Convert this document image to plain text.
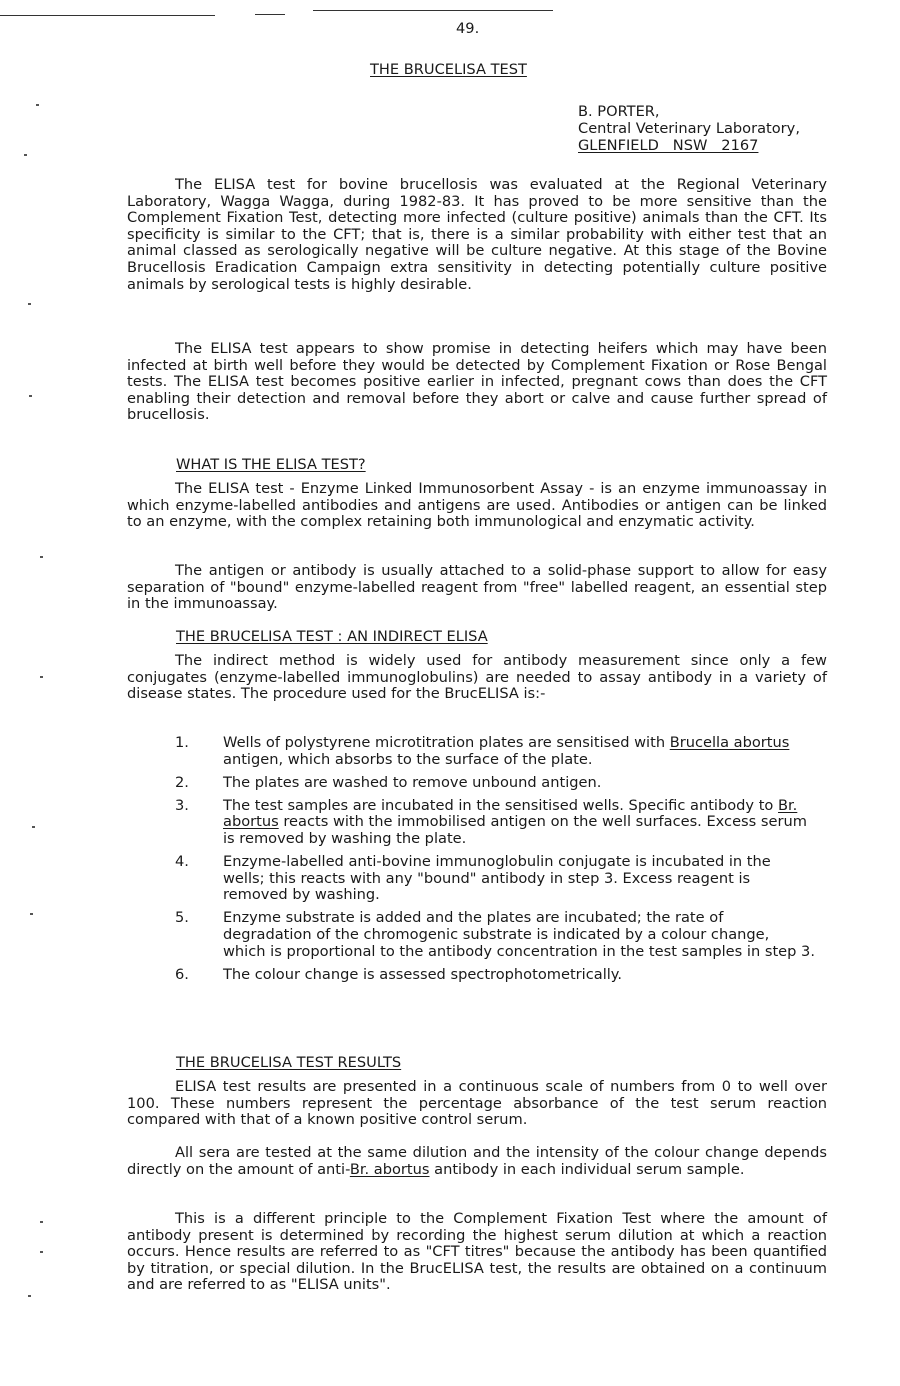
49.
THE BRUCELISA TEST
B. PORTER,
Central Veterinary Laboratory,
GLENFIELD   NSW   2167

The ELISA test for bovine brucellosis was evaluated at the Regional Veterinary Laboratory, Wagga Wagga, during 1982-83. It has proved to be more sensitive than the Complement Fixation Test, detecting more infected (culture positive) animals than the CFT. Its specificity is similar to the CFT; that is, there is a similar probability with either test that an animal classed as serologically negative will be culture negative. At this stage of the Bovine Brucellosis Eradication Campaign extra sensitivity in detecting potentially culture positive animals by serological tests is highly desirable.

The ELISA test appears to show promise in detecting heifers which may have been infected at birth well before they would be detected by Complement Fixation or Rose Bengal tests. The ELISA test becomes positive earlier in infected, pregnant cows than does the CFT enabling their detection and removal before they abort or calve and cause further spread of brucellosis.

WHAT IS THE ELISA TEST?

The ELISA test - Enzyme Linked Immunosorbent Assay - is an enzyme immunoassay in which enzyme-labelled antibodies and antigens are used. Antibodies or antigen can be linked to an enzyme, with the complex retaining both immunological and enzymatic activity.

The antigen or antibody is usually attached to a solid-phase support to allow for easy separation of "bound" enzyme-labelled reagent from "free" labelled reagent, an essential step in the immunoassay.

THE BRUCELISA TEST : AN INDIRECT ELISA

The indirect method is widely used for antibody measurement since only a few conjugates (enzyme-labelled immunoglobulins) are needed to assay antibody in a variety of disease states. The procedure used for the BrucELISA is:-

1.	Wells of polystyrene microtitration plates are sensitised with Brucella abortus antigen, which absorbs to the surface of the plate.
2.	The plates are washed to remove unbound antigen.
3.	The test samples are incubated in the sensitised wells. Specific antibody to Br. abortus reacts with the immobilised antigen on the well surfaces. Excess serum is removed by washing the plate.
4.	Enzyme-labelled anti-bovine immunoglobulin conjugate is incubated in the wells; this reacts with any "bound" antibody in step 3. Excess reagent is removed by washing.
5.	Enzyme substrate is added and the plates are incubated; the rate of degradation of the chromogenic substrate is indicated by a colour change, which is proportional to the antibody concentration in the test samples in step 3.
6.	The colour change is assessed spectrophotometrically.
THE BRUCELISA TEST RESULTS

ELISA test results are presented in a continuous scale of numbers from 0 to well over 100. These numbers represent the percentage absorbance of the test serum reaction compared with that of a known positive control serum.

All sera are tested at the same dilution and the intensity of the colour change depends directly on the amount of anti-Br. abortus antibody in each individual serum sample.

This is a different principle to the Complement Fixation Test where the amount of antibody present is determined by recording the highest serum dilution at which a reaction occurs. Hence results are referred to as "CFT titres" because the antibody has been quantified by titration, or special dilution. In the BrucELISA test, the results are obtained on a continuum and are referred to as "ELISA units".
